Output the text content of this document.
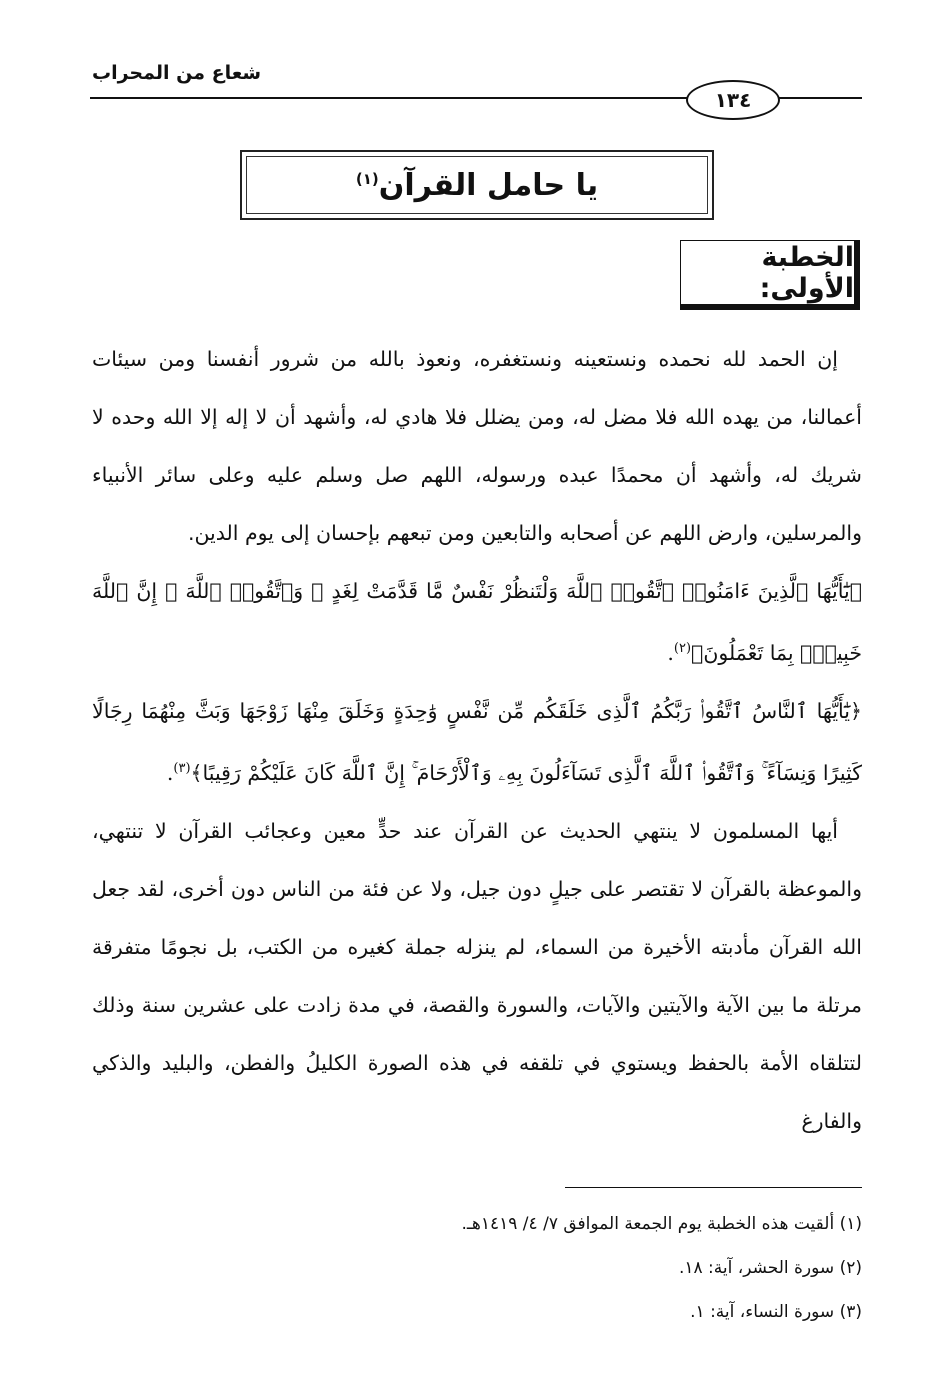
شعاع من المحراب
١٣٤
يا حامل القرآن$^{(١)}$
الخطبة الأولى:

إن الحمد لله نحمده ونستعينه ونستغفره، ونعوذ بالله من شرور أنفسنا ومن سيئات أعمالنا، من يهده الله فلا مضل له، ومن يضلل فلا هادي له، وأشهد أن لا إله إلا الله وحده لا شريك له، وأشهد أن محمدًا عبده ورسوله، اللهم صل وسلم عليه وعلى سائر الأنبياء والمرسلين، وارض اللهم عن أصحابه والتابعين ومن تبعهم بإحسان إلى يوم الدين.

﴿يَٰٓأَيُّهَا ٱلَّذِينَ ءَامَنُوا۟ ٱتَّقُوا۟ ٱللَّهَ وَلْتَنظُرْ نَفْسٌ مَّا قَدَّمَتْ لِغَدٍ ۖ وَٱتَّقُوا۟ ٱللَّهَ ۚ إِنَّ ٱللَّهَ خَبِيرٌۢ بِمَا تَعْمَلُونَ﴾$^{(٢)}$.

﴿يَٰٓأَيُّهَا ٱلنَّاسُ ٱتَّقُوا۟ رَبَّكُمُ ٱلَّذِى خَلَقَكُم مِّن نَّفْسٍ وَٰحِدَةٍ وَخَلَقَ مِنْهَا زَوْجَهَا وَبَثَّ مِنْهُمَا رِجَالًا كَثِيرًا وَنِسَآءً ۚ وَٱتَّقُوا۟ ٱللَّهَ ٱلَّذِى تَسَآءَلُونَ بِهِۦ وَٱلْأَرْحَامَ ۚ إِنَّ ٱللَّهَ كَانَ عَلَيْكُمْ رَقِيبًا﴾$^{(٣)}$.

أيها المسلمون لا ينتهي الحديث عن القرآن عند حدٍّ معين وعجائب القرآن لا تنتهي، والموعظة بالقرآن لا تقتصر على جيلٍ دون جيل، ولا عن فئة من الناس دون أخرى، لقد جعل الله القرآن مأدبته الأخيرة من السماء، لم ينزله جملة كغيره من الكتب، بل نجومًا متفرقة مرتلة ما بين الآية والآيتين والآيات، والسورة والقصة، في مدة زادت على عشرين سنة وذلك لتتلقاه الأمة بالحفظ ويستوي في تلقفه في هذه الصورة الكليلُ والفطن، والبليد والذكي والفارغ

(١) ألقيت هذه الخطبة يوم الجمعة الموافق ٧/ ٤/ ١٤١٩هـ.

(٢) سورة الحشر، آية: ١٨.

(٣) سورة النساء، آية: ١.
